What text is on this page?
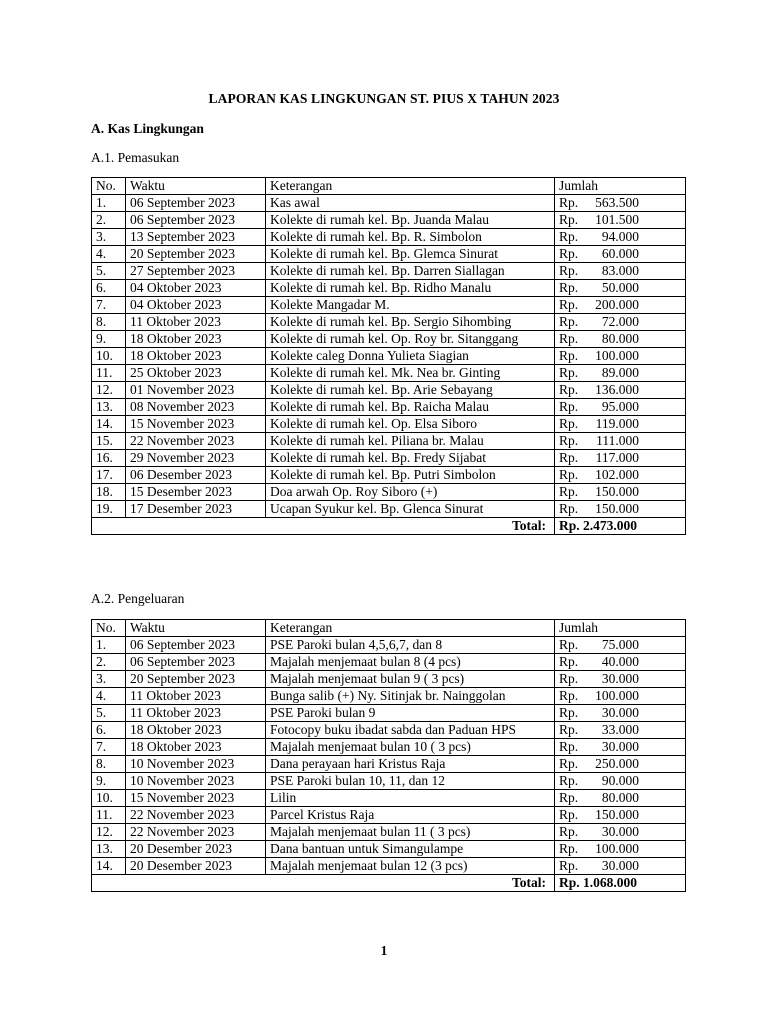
LAPORAN KAS LINGKUNGAN ST. PIUS X TAHUN 2023
A. Kas Lingkungan
A.1. Pemasukan
No.	Waktu	Keterangan	Jumlah
1.	06 September 2023	Kas awal	Rp. 563.500

2.	06 September 2023	Kolekte di rumah kel. Bp. Juanda Malau	Rp. 101.500

3.	13 September 2023	Kolekte di rumah kel. Bp. R. Simbolon	Rp. 94.000

4.	20 September 2023	Kolekte di rumah kel. Bp. Glemca Sinurat	Rp. 60.000

5.	27 September 2023	Kolekte di rumah kel. Bp. Darren Siallagan	Rp. 83.000

6.	04 Oktober 2023	Kolekte di rumah kel. Bp. Ridho Manalu	Rp. 50.000

7.	04 Oktober 2023	Kolekte Mangadar M.	Rp. 200.000

8.	11 Oktober 2023	Kolekte di rumah kel. Bp. Sergio Sihombing	Rp. 72.000

9.	18 Oktober 2023	Kolekte di rumah kel. Op. Roy br. Sitanggang	Rp. 80.000

10.	18 Oktober 2023	Kolekte caleg Donna Yulieta Siagian	Rp. 100.000

11.	25 Oktober 2023	Kolekte di rumah kel. Mk. Nea br. Ginting	Rp. 89.000

12.	01 November 2023	Kolekte di rumah kel. Bp. Arie Sebayang	Rp. 136.000

13.	08 November 2023	Kolekte di rumah kel. Bp. Raicha Malau	Rp. 95.000

14.	15 November 2023	Kolekte di rumah kel. Op. Elsa Siboro	Rp. 119.000

15.	22 November 2023	Kolekte di rumah kel. Piliana br. Malau	Rp. 111.000

16.	29 November 2023	Kolekte di rumah kel. Bp. Fredy Sijabat	Rp. 117.000

17.	06 Desember 2023	Kolekte di rumah kel. Bp. Putri Simbolon	Rp. 102.000

18.	15 Desember 2023	Doa arwah Op. Roy Siboro (+)	Rp. 150.000

19.	17 Desember 2023	Ucapan Syukur kel. Bp. Glenca Sinurat	Rp. 150.000

Total:			Rp. 2.473.000
A.2. Pengeluaran
No.	Waktu	Keterangan	Jumlah
1.	06 September 2023	PSE Paroki bulan 4,5,6,7, dan 8	Rp. 75.000

2.	06 September 2023	Majalah menjemaat bulan 8 (4 pcs)	Rp. 40.000

3.	20 September 2023	Majalah menjemaat bulan 9 ( 3 pcs)	Rp. 30.000

4.	11 Oktober 2023	Bunga salib (+) Ny. Sitinjak br. Nainggolan	Rp. 100.000

5.	11 Oktober 2023	PSE Paroki bulan 9	Rp. 30.000

6.	18 Oktober 2023	Fotocopy buku ibadat sabda dan Paduan HPS	Rp. 33.000

7.	18 Oktober 2023	Majalah menjemaat bulan 10 ( 3 pcs)	Rp. 30.000

8.	10 November 2023	Dana perayaan hari Kristus Raja	Rp. 250.000

9.	10 November 2023	PSE Paroki bulan 10, 11, dan 12	Rp. 90.000

10.	15 November 2023	Lilin	Rp. 80.000

11.	22 November 2023	Parcel Kristus Raja	Rp. 150.000

12.	22 November 2023	Majalah menjemaat bulan 11 ( 3 pcs)	Rp. 30.000

13.	20 Desember 2023	Dana bantuan untuk Simangulampe	Rp. 100.000

14.	20 Desember 2023	Majalah menjemaat bulan 12 (3 pcs)	Rp. 30.000

Total:			Rp. 1.068.000
1
